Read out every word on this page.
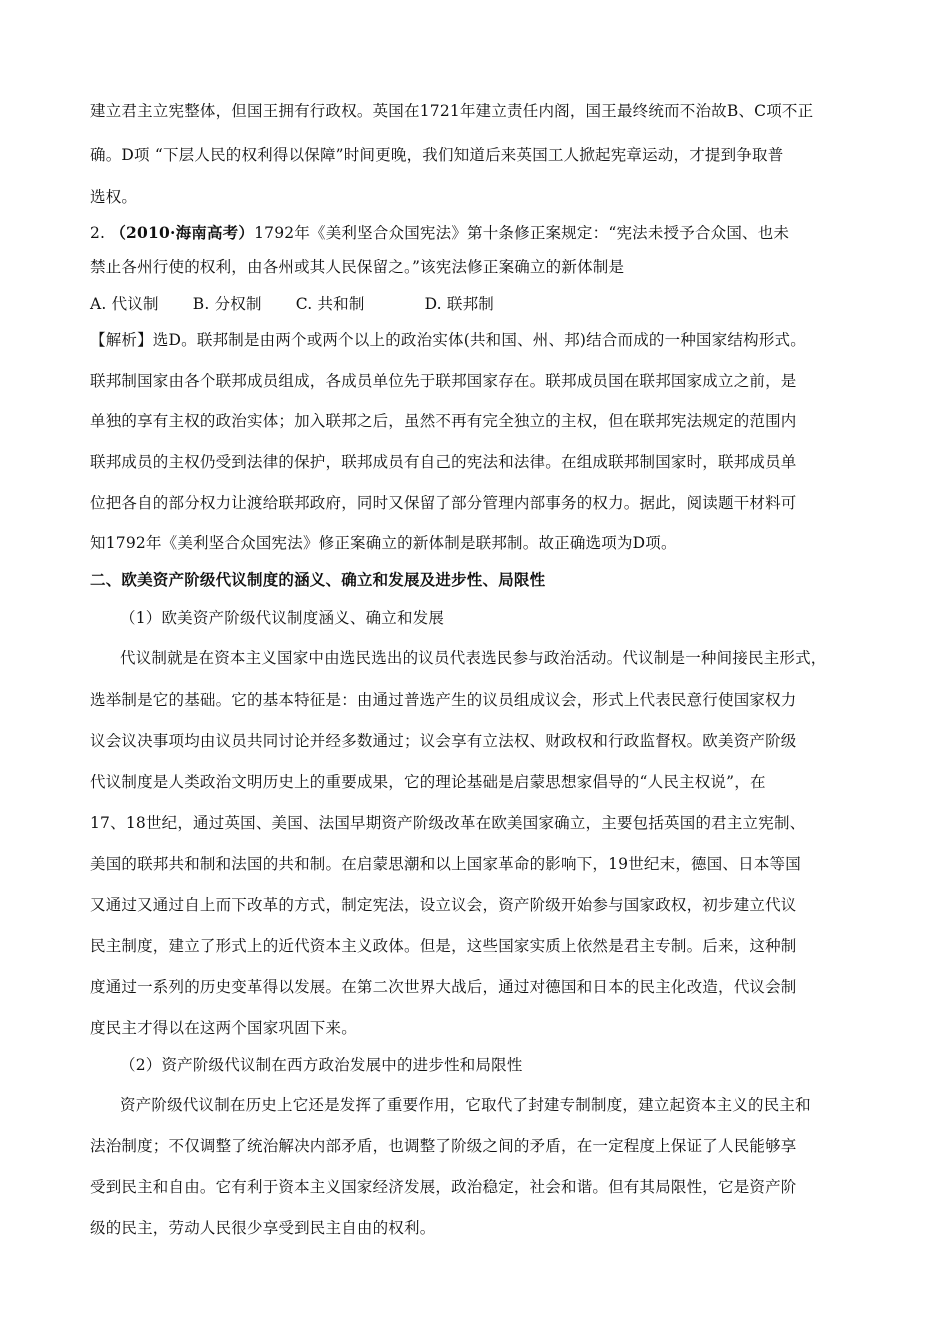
建立君主立宪整体，但国王拥有行政权。英国在1721年建立责任内阁，国王最终统而不治故B、C项不正
确。D项 “下层人民的权利得以保障”时间更晚，我们知道后来英国工人掀起宪章运动，才提到争取普
选权。
2. （2010·海南高考）1792年《美利坚合众国宪法》第十条修正案规定：“宪法未授予合众国、也未
禁止各州行使的权利，由各州或其人民保留之。”该宪法修正案确立的新体制是
A. 代议制 B. 分权制 C. 共和制	D. 联邦制
【解析】选D。联邦制是由两个或两个以上的政治实体(共和国、州、邦)结合而成的一种国家结构形式。
联邦制国家由各个联邦成员组成，各成员单位先于联邦国家存在。联邦成员国在联邦国家成立之前，是
单独的享有主权的政治实体；加入联邦之后，虽然不再有完全独立的主权，但在联邦宪法规定的范围内
联邦成员的主权仍受到法律的保护，联邦成员有自己的宪法和法律。在组成联邦制国家时，联邦成员单
位把各自的部分权力让渡给联邦政府，同时又保留了部分管理内部事务的权力。据此，阅读题干材料可
知1792年《美利坚合众国宪法》修正案确立的新体制是联邦制。故正确选项为D项。
二、欧美资产阶级代议制度的涵义、确立和发展及进步性、局限性
（1）欧美资产阶级代议制度涵义、确立和发展
代议制就是在资本主义国家中由选民选出的议员代表选民参与政治活动。代议制是一种间接民主形式，
选举制是它的基础。它的基本特征是：由通过普选产生的议员组成议会，形式上代表民意行使国家权力
议会议决事项均由议员共同讨论并经多数通过；议会享有立法权、财政权和行政监督权。欧美资产阶级
代议制度是人类政治文明历史上的重要成果，它的理论基础是启蒙思想家倡导的“人民主权说”，在
17、18世纪，通过英国、美国、法国早期资产阶级改革在欧美国家确立，主要包括英国的君主立宪制、
美国的联邦共和制和法国的共和制。在启蒙思潮和以上国家革命的影响下，19世纪末，德国、日本等国
又通过又通过自上而下改革的方式，制定宪法，设立议会，资产阶级开始参与国家政权，初步建立代议
民主制度，建立了形式上的近代资本主义政体。但是，这些国家实质上依然是君主专制。后来，这种制
度通过一系列的历史变革得以发展。在第二次世界大战后，通过对德国和日本的民主化改造，代议会制
度民主才得以在这两个国家巩固下来。
（2）资产阶级代议制在西方政治发展中的进步性和局限性
资产阶级代议制在历史上它还是发挥了重要作用，它取代了封建专制制度，建立起资本主义的民主和
法治制度；不仅调整了统治解决内部矛盾，也调整了阶级之间的矛盾，在一定程度上保证了人民能够享
受到民主和自由。它有利于资本主义国家经济发展，政治稳定，社会和谐。但有其局限性，它是资产阶
级的民主，劳动人民很少享受到民主自由的权利。
